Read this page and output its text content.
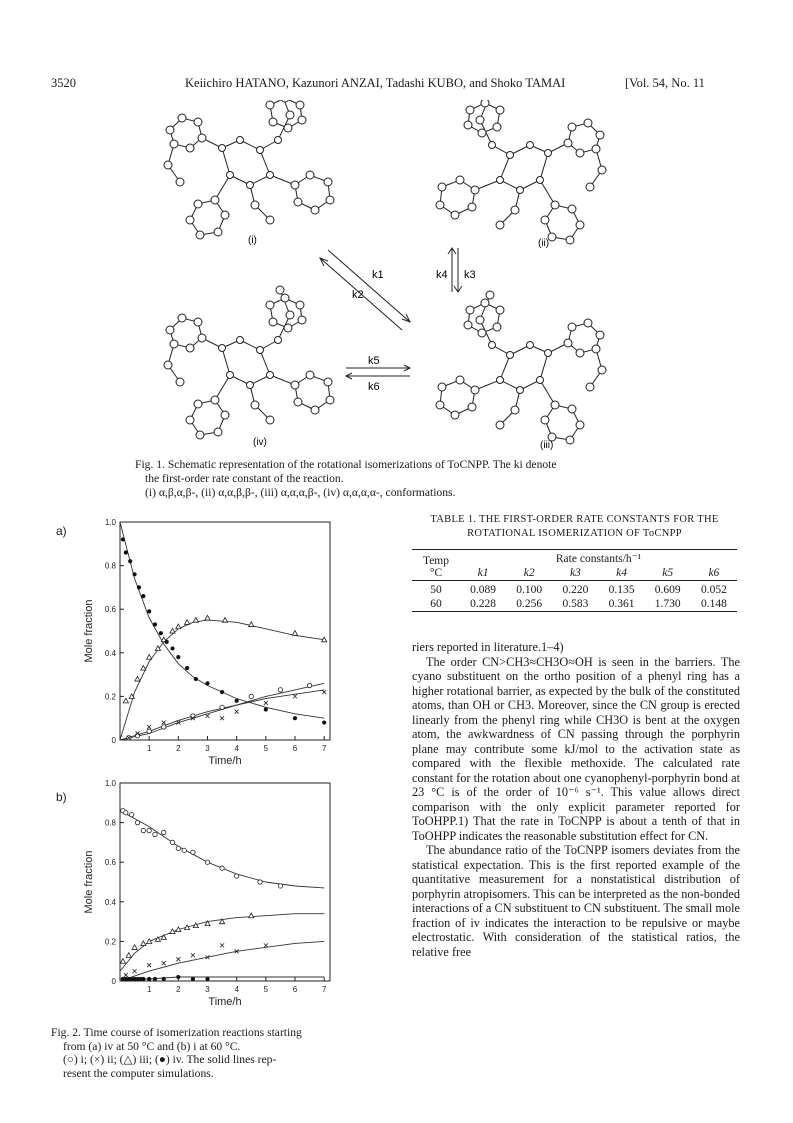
3520	Keiichiro HATANO, Kazunori ANZAI, Tadashi KUBO, and Shoko TAMAI	[Vol. 54, No. 11
(i)	(ii)
(iv)	(iii)
k1
k2
k4 k3
k5
k6
Fig. 1. Schematic representation of the rotational isomerizations of ToCNPP. The ki denote
the first-order rate constant of the reaction.
(i) α,β,α,β-, (ii) α,α,β,β-, (iii) α,α,α,β-, (iv) α,α,α,α-, conformations.
a)
b)
0
0.2
0.4
0.6
0.8
1.0
1	2	3	4	5	6	7
Time/h
Mole fraction
0
0.2
0.4
0.6
0.8
1.0
1	2	3	4	5	6	7
Time/h
Mole fraction
Fig. 2. Time course of isomerization reactions starting
from (a) iv at 50 °C and (b) i at 60 °C.
(○) i; (×) ii; (△) iii; (●) iv. The solid lines rep-
resent the computer simulations.
TABLE 1. THE FIRST-ORDER RATE CONSTANTS FOR THE
ROTATIONAL ISOMERIZATION OF ToCNPP
Temp
°C	Rate constants/h⁻¹					
	k1	k2	k3	k4	k5	k6

50	0.089	0.100	0.220	0.135	0.609	0.052
60	0.228	0.256	0.583	0.361	1.730	0.148

riers reported in literature.1–4)

The order CN>CH3≈CH3O≈OH is seen in the barriers. The cyano substituent on the ortho position of a phenyl ring has a higher rotational barrier, as expected by the bulk of the constituted atoms, than OH or CH3. Moreover, since the CN group is erected linearly from the phenyl ring while CH3O is bent at the oxygen atom, the awkwardness of CN passing through the porphyrin plane may contribute some kJ/mol to the activation state as compared with the flexible methoxide. The calculated rate constant for the rotation about one cyanophenyl-porphyrin bond at 23 °C is of the order of 10⁻⁶ s⁻¹. This value allows direct comparison with the only explicit parameter reported for ToOHPP.1) That the rate in ToCNPP is about a tenth of that in ToOHPP indicates the reasonable substitution effect for CN.

The abundance ratio of the ToCNPP isomers deviates from the statistical expectation. This is the first reported example of the quantitative measurement for a nonstatistical distribution of porphyrin atropisomers. This can be interpreted as the non-bonded interactions of a CN substituent to CN substituent. The small mole fraction of iv indicates the interaction to be repulsive or maybe electrostatic. With consideration of the statistical ratios, the relative free
